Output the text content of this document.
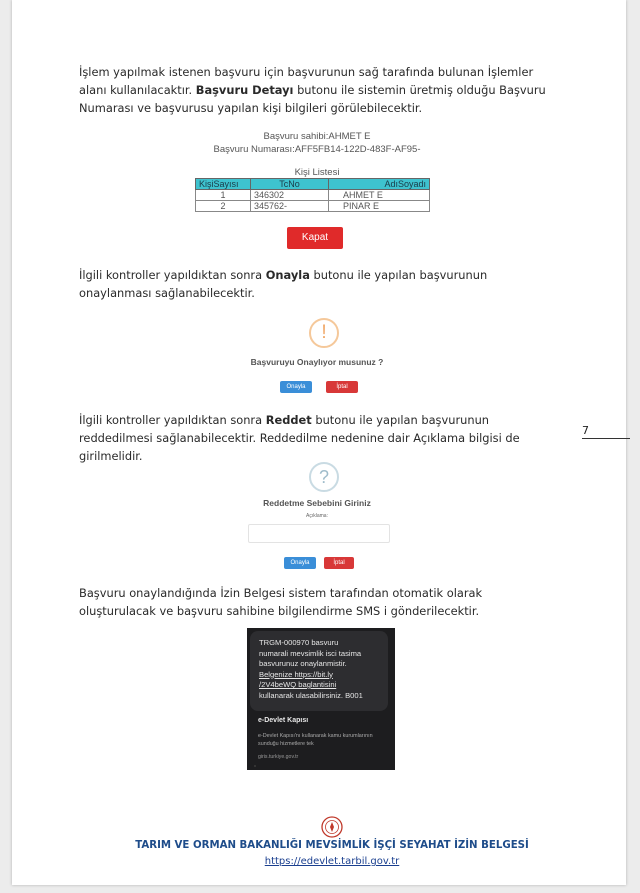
İşlem yapılmak istenen başvuru için başvurunun sağ tarafında bulunan İşlemler alanı kullanılacaktır. Başvuru Detayı butonu ile sistemin üretmiş olduğu Başvuru Numarası ve başvurusu yapılan kişi bilgileri görülebilecektir.
Başvuru sahibi:AHMET E
Başvuru Numarası:AFF5FB14-122D-483F-AF95-
Kişi Listesi
KişiSayısı	TcNo	AdıSoyadı
1	346302	AHMET E
2	345762-	PINAR E
Kapat
İlgili kontroller yapıldıktan sonra Onayla butonu ile yapılan başvurunun onaylanması sağlanabilecektir.
!
Başvuruyu Onaylıyor musunuz ?
Onayla	İptal
İlgili kontroller yapıldıktan sonra Reddet butonu ile yapılan başvurunun reddedilmesi sağlanabilecektir. Reddedilme nedenine dair Açıklama bilgisi de girilmelidir.
7
?
Reddetme Sebebini Giriniz
Açıklama:
Onayla	İptal
Başvuru onaylandığında İzin Belgesi sistem tarafından otomatik olarak oluşturulacak ve başvuru sahibine bilgilendirme SMS i gönderilecektir.
TRGM-000970 basvuru
numarali mevsimlik isci tasima
basvurunuz onaylanmistir.
Belgenize https://bit.ly
/2V4beWQ baglantisini
kullanarak ulasabilirsiniz. B001
e-Devlet Kapısı
e-Devlet Kapısı'nı kullanarak kamu kurumlarının sunduğu hizmetlere tek
giris.turkiye.gov.tr
TARIM VE ORMAN BAKANLIĞI MEVSİMLİK İŞÇİ SEYAHAT İZİN BELGESİ
https://edevlet.tarbil.gov.tr
